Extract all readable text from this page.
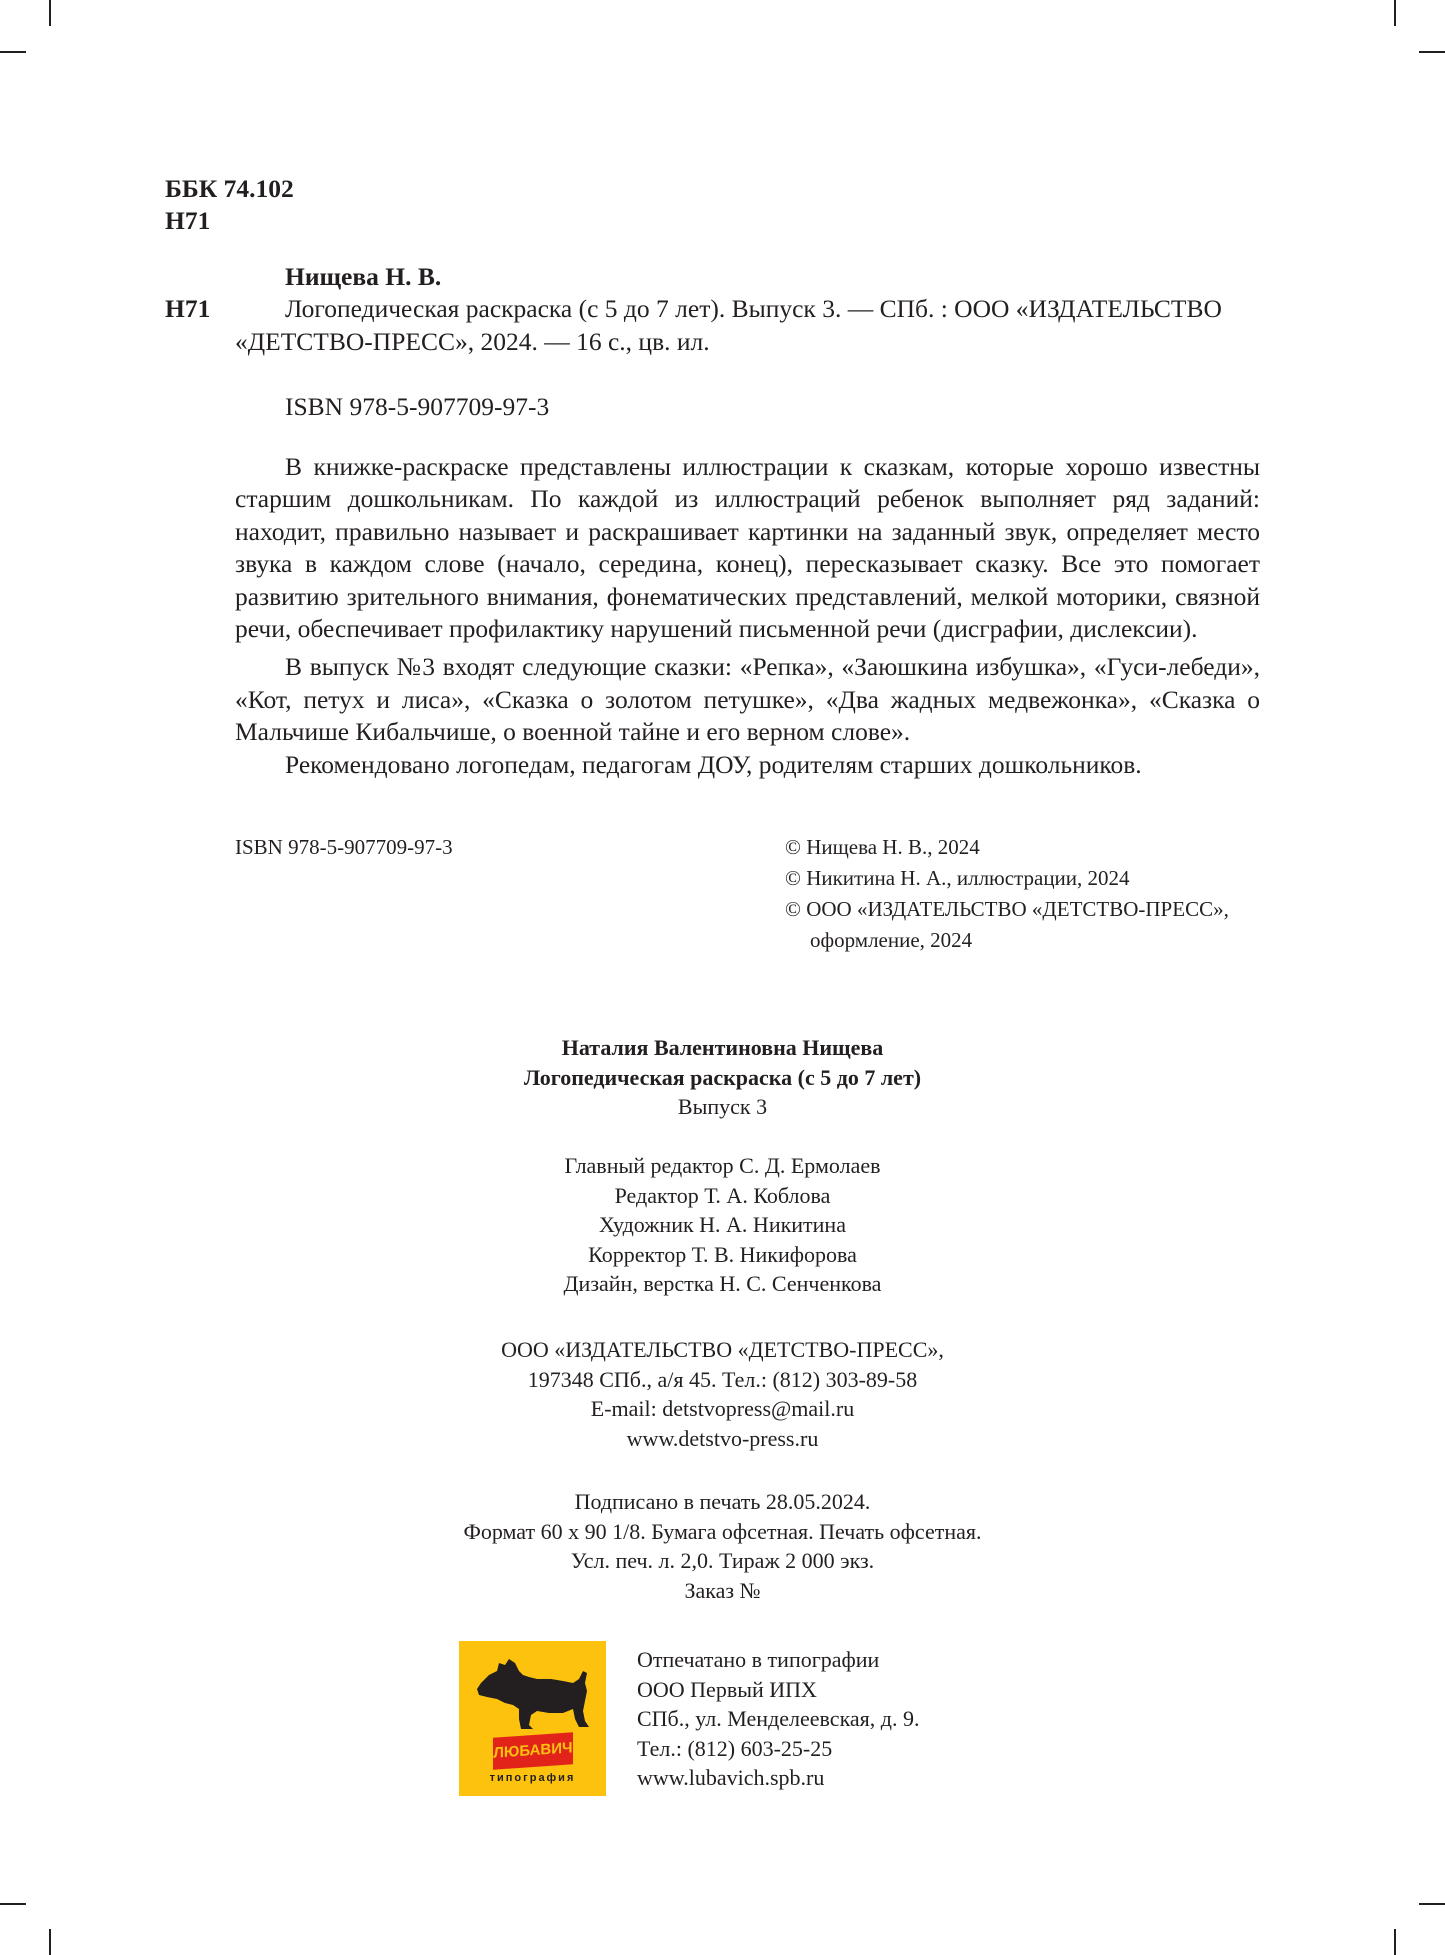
ББК 74.102
Н71
Нищева Н. В.
Н71	Логопедическая раскраска (с 5 до 7 лет). Выпуск 3. — СПб. : ООО «ИЗДАТЕЛЬСТВО
«ДЕТСТВО-ПРЕСС», 2024. — 16 с., цв. ил.
ISBN 978-5-907709-97-3

В книжке-раскраске представлены иллюстрации к сказкам, которые хорошо известны старшим дошкольникам. По каждой из иллюстраций ребенок выполняет ряд заданий: находит, правильно называет и раскрашивает картинки на заданный звук, определяет место звука в каждом слове (начало, середина, конец), пересказывает сказку. Все это помогает развитию зрительного внимания, фонематических представлений, мелкой моторики, связной речи, обеспечивает профилактику нарушений письменной речи (дисграфии, дислексии).

В выпуск №3 входят следующие сказки: «Репка», «Заюшкина избушка», «Гуси-лебеди», «Кот, петух и лиса», «Сказка о золотом петушке», «Два жадных медвежонка», «Сказка о Мальчише Кибальчише, о военной тайне и его верном слове».

Рекомендовано логопедам, педагогам ДОУ, родителям старших дошкольников.

ISBN 978-5-907709-97-3	© Нищева Н. В., 2024
© Никитина Н. А., иллюстрации, 2024
© ООО «ИЗДАТЕЛЬСТВО «ДЕТСТВО-ПРЕСС»,
оформление, 2024
Наталия Валентиновна Нищева
Логопедическая раскраска (с 5 до 7 лет)
Выпуск 3
Главный редактор С. Д. Ермолаев
Редактор Т. А. Коблова
Художник Н. А. Никитина
Корректор Т. В. Никифорова
Дизайн, верстка Н. С. Сенченкова
ООО «ИЗДАТЕЛЬСТВО «ДЕТСТВО-ПРЕСС»,
197348 СПб., а/я 45. Тел.: (812) 303-89-58
E-mail: detstvopress@mail.ru
www.detstvo-press.ru
Подписано в печать 28.05.2024.
Формат 60 x 90 1/8. Бумага офсетная. Печать офсетная.
Усл. печ. л. 2,0. Тираж 2 000 экз.
Заказ №
ЛЮБАВИЧ
типография
Отпечатано в типографии
ООО Первый ИПХ
СПб., ул. Менделеевская, д. 9.
Тел.: (812) 603-25-25
www.lubavich.spb.ru
